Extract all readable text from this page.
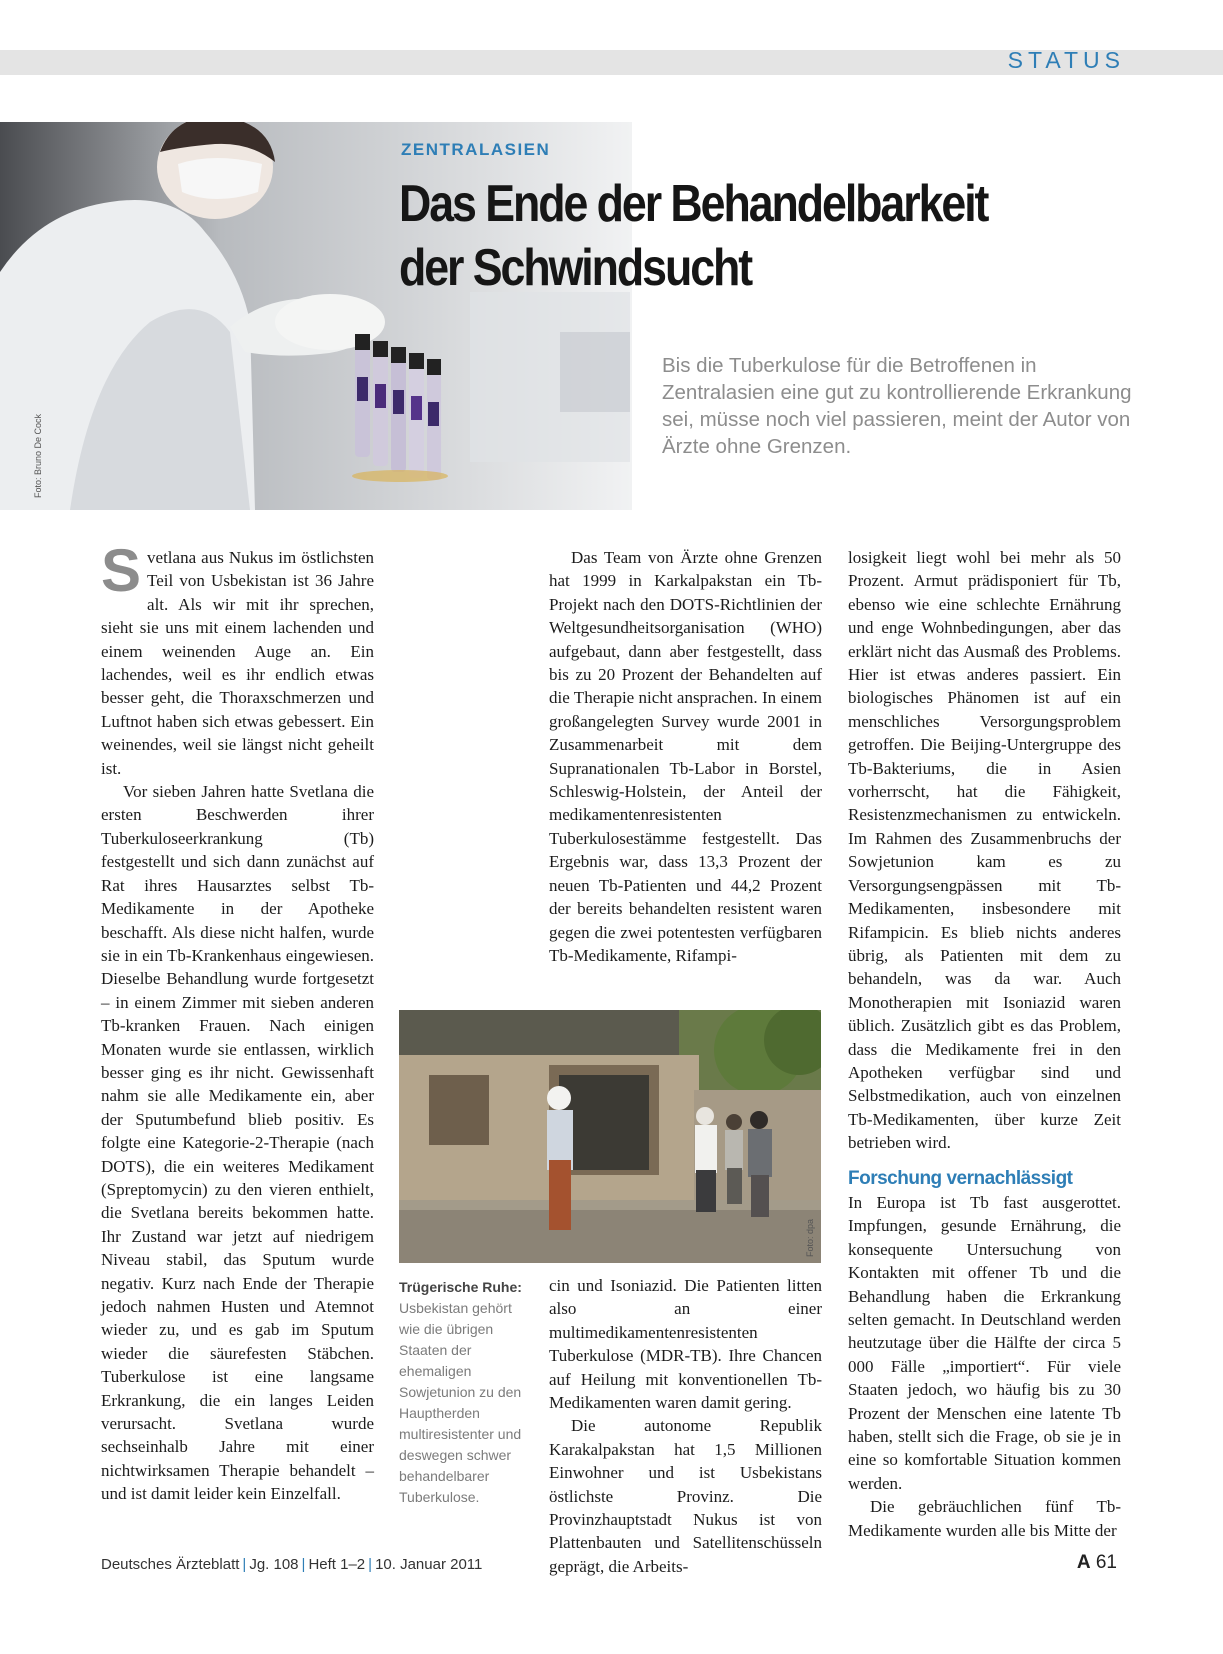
STATUS
Foto: Bruno De Cock
ZENTRALASIEN
Das Ende der Behandelbarkeit
der Schwindsucht
Bis die Tuberkulose für die Betroffenen in Zentralasien eine gut zu kontrollierende Erkrankung sei, müsse noch viel passieren, meint der Autor von Ärzte ohne Grenzen.

Svetlana aus Nukus im östlichsten Teil von Usbekistan ist 36 Jahre alt. Als wir mit ihr sprechen, sieht sie uns mit einem lachenden und einem weinenden Auge an. Ein lachendes, weil es ihr endlich etwas besser geht, die Thoraxschmerzen und Luftnot haben sich etwas gebessert. Ein weinendes, weil sie längst nicht geheilt ist.

Vor sieben Jahren hatte Svetlana die ersten Beschwerden ihrer Tuberkuloseerkrankung (Tb) festgestellt und sich dann zunächst auf Rat ihres Hausarztes selbst Tb-Medikamente in der Apotheke beschafft. Als diese nicht halfen, wurde sie in ein Tb-Krankenhaus eingewiesen. Dieselbe Behandlung wurde fortgesetzt – in einem Zimmer mit sieben anderen Tb-kranken Frauen. Nach einigen Monaten wurde sie entlassen, wirklich besser ging es ihr nicht. Gewissenhaft nahm sie alle Medikamente ein, aber der Sputumbefund blieb positiv. Es folgte eine Kategorie-2-Therapie (nach DOTS), die ein weiteres Medikament (Spreptomycin) zu den vieren enthielt, die Svetlana bereits bekommen hatte. Ihr Zustand war jetzt auf niedrigem Niveau stabil, das Sputum wurde negativ. Kurz nach Ende der Therapie jedoch nahmen Husten und Atemnot wieder zu, und es gab im Sputum wieder die säurefesten Stäbchen. Tuberkulose ist eine langsame Erkrankung, die ein langes Leiden verursacht. Svetlana wurde sechseinhalb Jahre mit einer nichtwirksamen Therapie behandelt – und ist damit leider kein Einzelfall.

Das Team von Ärzte ohne Grenzen hat 1999 in Karkalpakstan ein Tb-Projekt nach den DOTS-Richtlinien der Weltgesundheitsorganisation (WHO) aufgebaut, dann aber festgestellt, dass bis zu 20 Prozent der Behandelten auf die Therapie nicht ansprachen. In einem großangelegten Survey wurde 2001 in Zusammenarbeit mit dem Supranationalen Tb-Labor in Borstel, Schleswig-Holstein, der Anteil der medikamentenresistenten Tuberkulosestämme festgestellt. Das Ergebnis war, dass 13,3 Prozent der neuen Tb-Patienten und 44,2 Prozent der bereits behandelten resistent waren gegen die zwei potentesten verfügbaren Tb-Medikamente, Rifampi-

Foto: dpa
Trügerische Ruhe:
Usbekistan gehört wie die übrigen Staaten der ehemaligen Sowjetunion zu den Hauptherden multiresistenter und deswegen schwer behandelbarer Tuberkulose.

cin und Isoniazid. Die Patienten litten also an einer multimedikamentenresistenten Tuberkulose (MDR-TB). Ihre Chancen auf Heilung mit konventionellen Tb-Medikamenten waren damit gering.

Die autonome Republik Karakalpakstan hat 1,5 Millionen Einwohner und ist Usbekistans östlichste Provinz. Die Provinzhauptstadt Nukus ist von Plattenbauten und Satellitenschüsseln geprägt, die Arbeits-

losigkeit liegt wohl bei mehr als 50 Prozent. Armut prädisponiert für Tb, ebenso wie eine schlechte Ernährung und enge Wohnbedingungen, aber das erklärt nicht das Ausmaß des Problems. Hier ist etwas anderes passiert. Ein biologisches Phänomen ist auf ein menschliches Versorgungsproblem getroffen. Die Beijing-Untergruppe des Tb-Bakteriums, die in Asien vorherrscht, hat die Fähigkeit, Resistenzmechanismen zu entwickeln. Im Rahmen des Zusammenbruchs der Sowjetunion kam es zu Versorgungsengpässen mit Tb-Medikamenten, insbesondere mit Rifampicin. Es blieb nichts anderes übrig, als Patienten mit dem zu behandeln, was da war. Auch Monotherapien mit Isoniazid waren üblich. Zusätzlich gibt es das Problem, dass die Medikamente frei in den Apotheken verfügbar sind und Selbstmedikation, auch von einzelnen Tb-Medikamenten, über kurze Zeit betrieben wird.

Forschung vernachlässigt

In Europa ist Tb fast ausgerottet. Impfungen, gesunde Ernährung, die konsequente Untersuchung von Kontakten mit offener Tb und die Behandlung haben die Erkrankung selten gemacht. In Deutschland werden heutzutage über die Hälfte der circa 5 000 Fälle „importiert“. Für viele Staaten jedoch, wo häufig bis zu 30 Prozent der Menschen eine latente Tb haben, stellt sich die Frage, ob sie je in eine so komfortable Situation kommen werden.

Die gebräuchlichen fünf Tb-Medikamente wurden alle bis Mitte der

Deutsches Ärzteblatt | Jg. 108 | Heft 1–2 | 10. Januar 2011	A 61
